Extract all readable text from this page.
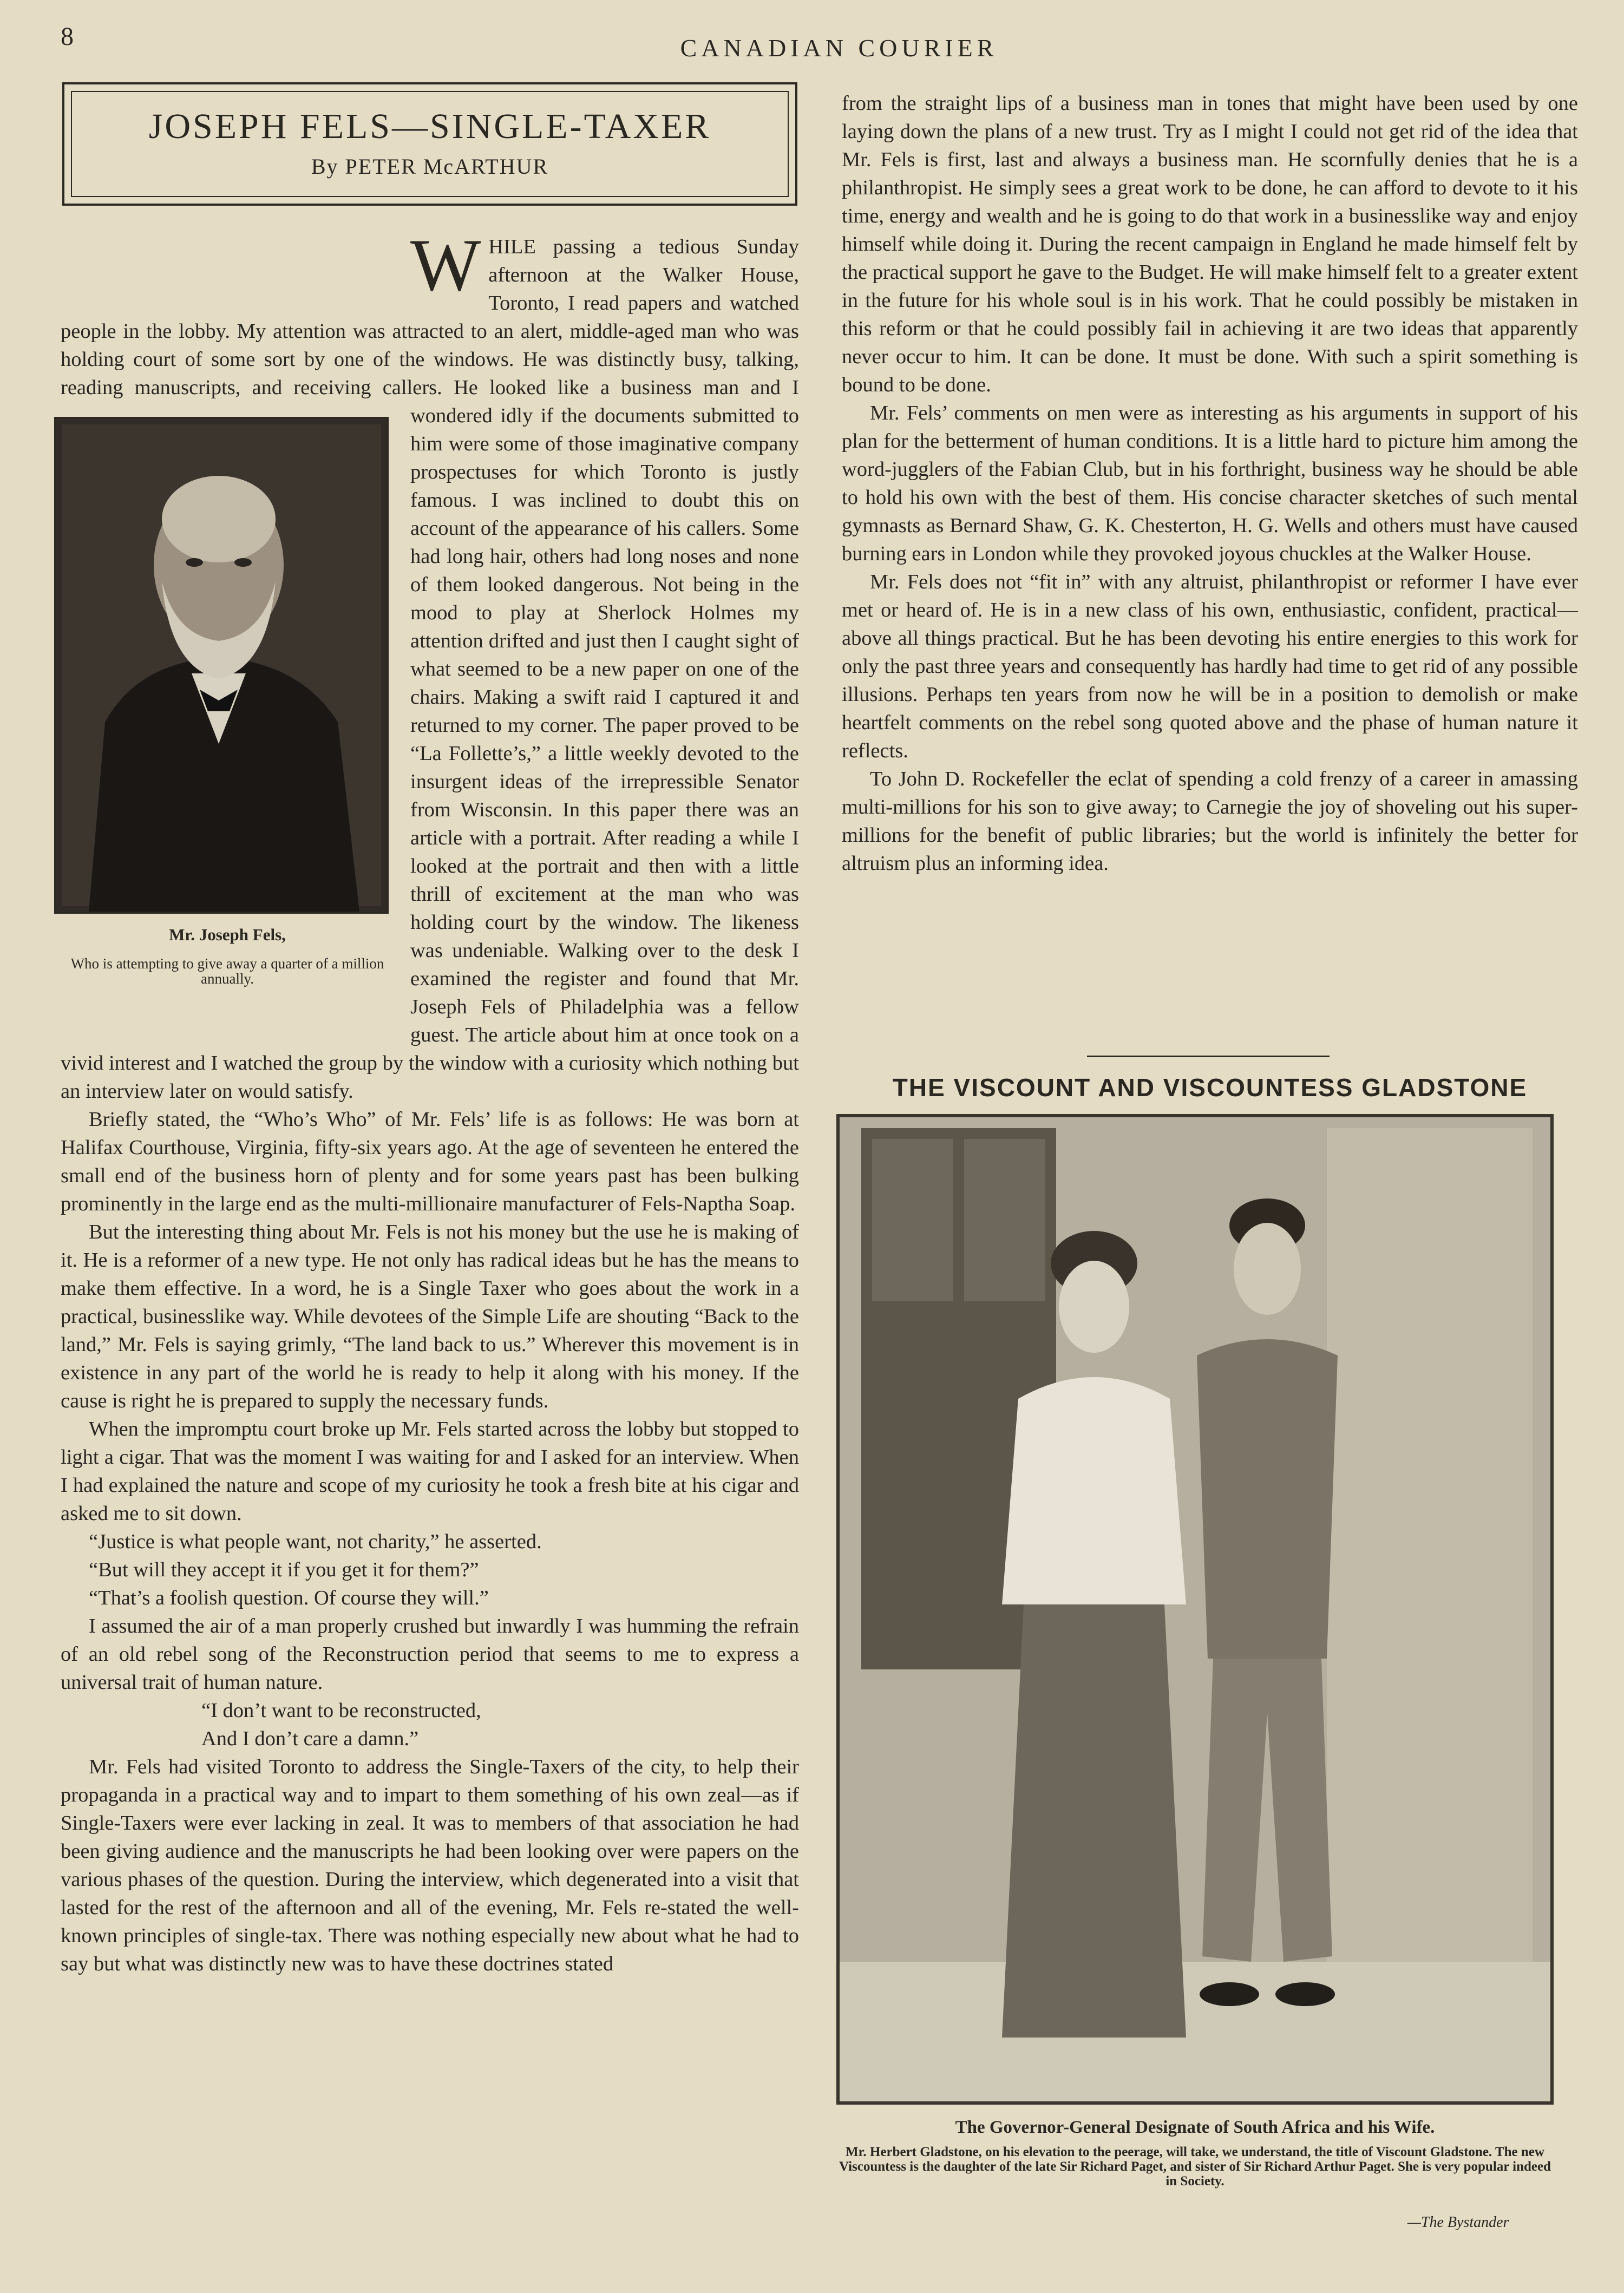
8	CANADIAN COURIER
JOSEPH FELS—SINGLE-TAXER
By PETER McARTHUR

WHILE passing a tedious Sunday afternoon at the Walker House, Toronto, I read papers and watched people in the lobby. My attention was attracted to an alert, middle-aged man who was holding court of some sort by one of the windows. He was distinctly busy, talking, reading manuscripts, and receiving callers. He looked like a business man and I wondered idly if the documents submitted to him were some of those imaginative company prospectuses for which Toronto is justly famous. I was inclined to doubt this on account of the appearance of his callers. Some had long hair, others had long noses and none of them looked dangerous. Not being in the mood to play at Sherlock Holmes my attention drifted and just then I caught sight of what seemed to be a new paper on one of the chairs. Making a swift raid I captured it and returned to my corner. The paper proved to be “La Follette’s,” a little weekly devoted to the insurgent ideas of the irrepressible Senator from Wisconsin. In this paper there was an article with a portrait. After reading a while I looked at the portrait and then with a little thrill of excitement at the man who was holding court by the window. The likeness was undeniable. Walking over to the desk I examined the register and found that Mr. Joseph Fels of Philadelphia was a fellow guest. The article about him at once took on a vivid interest and I watched the group by the window with a curiosity which nothing but an interview later on would satisfy.

Briefly stated, the “Who’s Who” of Mr. Fels’ life is as follows: He was born at Halifax Courthouse, Virginia, fifty-six years ago. At the age of seventeen he entered the small end of the business horn of plenty and for some years past has been bulking prominently in the large end as the multi-millionaire manufacturer of Fels-Naptha Soap.

But the interesting thing about Mr. Fels is not his money but the use he is making of it. He is a reformer of a new type. He not only has radical ideas but he has the means to make them effective. In a word, he is a Single Taxer who goes about the work in a practical, businesslike way. While devotees of the Simple Life are shouting “Back to the land,” Mr. Fels is saying grimly, “The land back to us.” Wherever this movement is in existence in any part of the world he is ready to help it along with his money. If the cause is right he is prepared to supply the necessary funds.

When the impromptu court broke up Mr. Fels started across the lobby but stopped to light a cigar. That was the moment I was waiting for and I asked for an interview. When I had explained the nature and scope of my curiosity he took a fresh bite at his cigar and asked me to sit down.

“Justice is what people want, not charity,” he asserted.

“But will they accept it if you get it for them?”

“That’s a foolish question. Of course they will.”

I assumed the air of a man properly crushed but inwardly I was humming the refrain of an old rebel song of the Reconstruction period that seems to me to express a universal trait of human nature.

“I don’t want to be reconstructed,

And I don’t care a damn.”

Mr. Fels had visited Toronto to address the Single-Taxers of the city, to help their propaganda in a practical way and to impart to them something of his own zeal—as if Single-Taxers were ever lacking in zeal. It was to members of that association he had been giving audience and the manuscripts he had been looking over were papers on the various phases of the question. During the interview, which degenerated into a visit that lasted for the rest of the afternoon and all of the evening, Mr. Fels re-stated the well-known principles of single-tax. There was nothing especially new about what he had to say but what was distinctly new was to have these doctrines stated

Mr. Joseph Fels,
Who is attempting to give away a quarter of a million annually.

from the straight lips of a business man in tones that might have been used by one laying down the plans of a new trust. Try as I might I could not get rid of the idea that Mr. Fels is first, last and always a business man. He scornfully denies that he is a philanthropist. He simply sees a great work to be done, he can afford to devote to it his time, energy and wealth and he is going to do that work in a businesslike way and enjoy himself while doing it. During the recent campaign in England he made himself felt by the practical support he gave to the Budget. He will make himself felt to a greater extent in the future for his whole soul is in his work. That he could possibly be mistaken in this reform or that he could possibly fail in achieving it are two ideas that apparently never occur to him. It can be done. It must be done. With such a spirit something is bound to be done.

Mr. Fels’ comments on men were as interesting as his arguments in support of his plan for the betterment of human conditions. It is a little hard to picture him among the word-jugglers of the Fabian Club, but in his forthright, business way he should be able to hold his own with the best of them. His concise character sketches of such mental gymnasts as Bernard Shaw, G. K. Chesterton, H. G. Wells and others must have caused burning ears in London while they provoked joyous chuckles at the Walker House.

Mr. Fels does not “fit in” with any altruist, philanthropist or reformer I have ever met or heard of. He is in a new class of his own, enthusiastic, confident, practical—above all things practical. But he has been devoting his entire energies to this work for only the past three years and consequently has hardly had time to get rid of any possible illusions. Perhaps ten years from now he will be in a position to demolish or make heartfelt comments on the rebel song quoted above and the phase of human nature it reflects.

To John D. Rockefeller the eclat of spending a cold frenzy of a career in amassing multi-millions for his son to give away; to Carnegie the joy of shoveling out his super-millions for the benefit of public libraries; but the world is infinitely the better for altruism plus an informing idea.

THE VISCOUNT AND VISCOUNTESS GLADSTONE
The Governor-General Designate of South Africa and his Wife.
Mr. Herbert Gladstone, on his elevation to the peerage, will take, we understand, the title of Viscount Gladstone. The new Viscountess is the daughter of the late Sir Richard Paget, and sister of Sir Richard Arthur Paget. She is very popular indeed in Society.
—The Bystander
